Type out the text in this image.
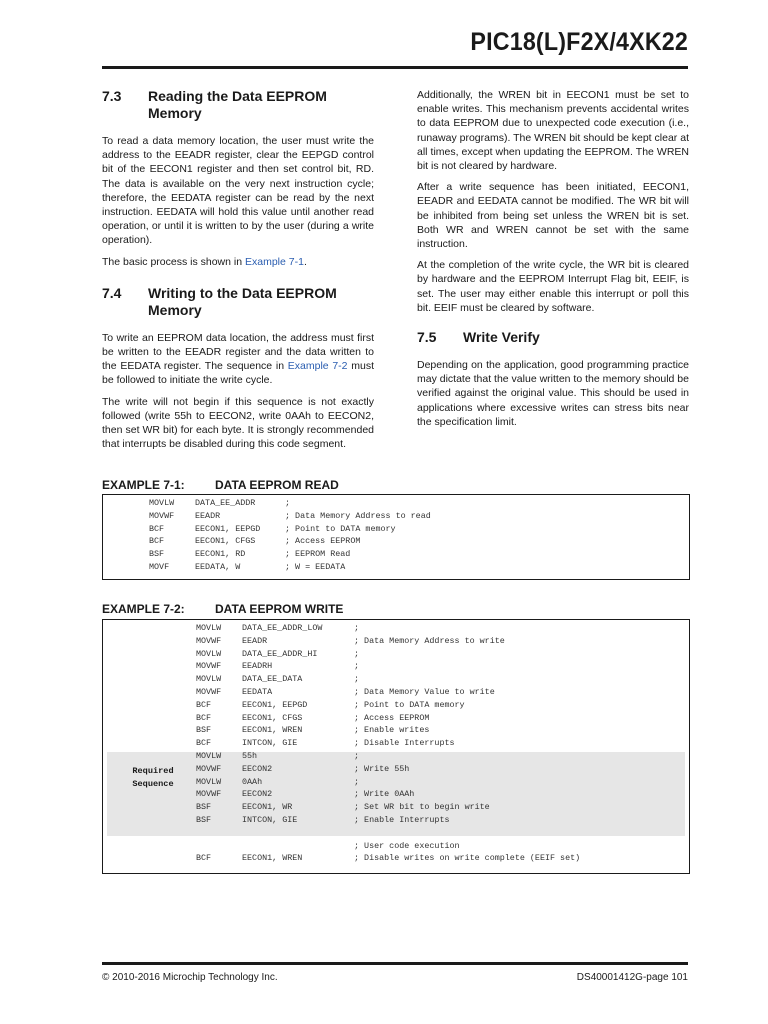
PIC18(L)F2X/4XK22
7.3	Reading the Data EEPROM Memory

To read a data memory location, the user must write the address to the EEADR register, clear the EEPGD control bit of the EECON1 register and then set control bit, RD. The data is available on the very next instruction cycle; therefore, the EEDATA register can be read by the next instruction. EEDATA will hold this value until another read operation, or until it is written to by the user (during a write operation).

The basic process is shown in Example 7-1.

7.4	Writing to the Data EEPROM Memory

To write an EEPROM data location, the address must first be written to the EEADR register and the data written to the EEDATA register. The sequence in Example 7-2 must be followed to initiate the write cycle.

The write will not begin if this sequence is not exactly followed (write 55h to EECON2, write 0AAh to EECON2, then set WR bit) for each byte. It is strongly recommended that interrupts be disabled during this code segment.

Additionally, the WREN bit in EECON1 must be set to enable writes. This mechanism prevents accidental writes to data EEPROM due to unexpected code execution (i.e., runaway programs). The WREN bit should be kept clear at all times, except when updating the EEPROM. The WREN bit is not cleared by hardware.

After a write sequence has been initiated, EECON1, EEADR and EEDATA cannot be modified. The WR bit will be inhibited from being set unless the WREN bit is set. Both WR and WREN cannot be set with the same instruction.

At the completion of the write cycle, the WR bit is cleared by hardware and the EEPROM Interrupt Flag bit, EEIF, is set. The user may either enable this interrupt or poll this bit. EEIF must be cleared by software.

7.5	Write Verify

Depending on the application, good programming practice may dictate that the value written to the memory should be verified against the original value. This should be used in applications where excessive writes can stress bits near the specification limit.

EXAMPLE 7-1:	DATA EEPROM READ
MOVLW	DATA_EE_ADDR	;
MOVWF	EEADR	; Data Memory Address to read
BCF	EECON1, EEPGD	; Point to DATA memory
BCF	EECON1, CFGS	; Access EEPROM
BSF	EECON1, RD	; EEPROM Read
MOVF	EEDATA, W	; W = EEDATA
EXAMPLE 7-2:	DATA EEPROM WRITE
Required
Sequence
MOVLW	DATA_EE_ADDR_LOW	;
MOVWF	EEADR	; Data Memory Address to write
MOVLW	DATA_EE_ADDR_HI	;
MOVWF	EEADRH	;
MOVLW	DATA_EE_DATA	;
MOVWF	EEDATA	; Data Memory Value to write
BCF	EECON1, EEPGD	; Point to DATA memory
BCF	EECON1, CFGS	; Access EEPROM
BSF	EECON1, WREN	; Enable writes
BCF	INTCON, GIE	; Disable Interrupts
MOVLW	55h	;
MOVWF	EECON2	; Write 55h
MOVLW	0AAh	;
MOVWF	EECON2	; Write 0AAh
BSF	EECON1, WR	; Set WR bit to begin write
BSF	INTCON, GIE	; Enable Interrupts
; User code execution
BCF	EECON1, WREN	; Disable writes on write complete (EEIF set)
© 2010-2016 Microchip Technology Inc.	DS40001412G-page 101
